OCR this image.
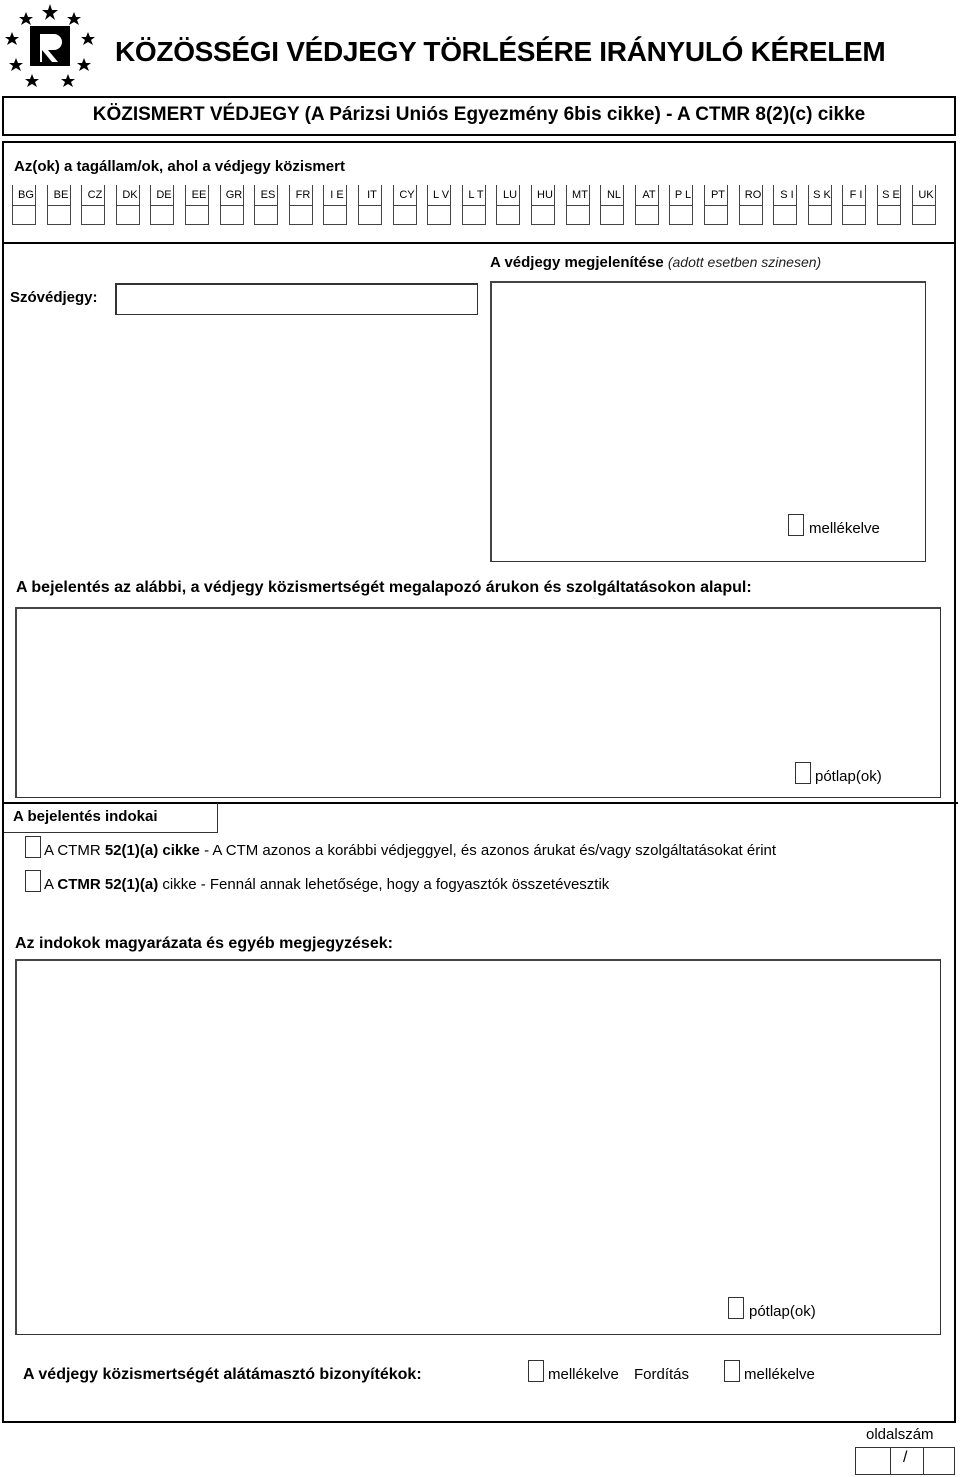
KÖZÖSSÉGI VÉDJEGY TÖRLÉSÉRE IRÁNYULÓ KÉRELEM
KÖZISMERT VÉDJEGY (A Párizsi Uniós Egyezmény 6bis cikke) - A CTMR 8(2)(c) cikke
Az(ok) a tagállam/ok, ahol a védjegy közismert
BG	BE	CZ	DK	DE	EE	GR	ES	FR	I E	IT	CY	L V	L T	LU	HU	MT	NL	AT	P L	PT	RO	S I	S K	F I	S E	UK
A védjegy megjelenítése (adott esetben szinesen)
Szóvédjegy:
mellékelve
A bejelentés az alábbi, a védjegy közismertségét megalapozó árukon és szolgáltatásokon alapul:
pótlap(ok)
A bejelentés indokai
A CTMR 52(1)(a) cikke - A CTM azonos a korábbi védjeggyel, és azonos árukat és/vagy szolgáltatásokat érint
A CTMR 52(1)(a) cikke - Fennál annak lehetősége, hogy a fogyasztók összetévesztik
Az indokok magyarázata és egyéb megjegyzések:
pótlap(ok)
A védjegy közismertségét alátámasztó bizonyítékok:	mellékelve Fordítás	mellékelve
oldalszám
/
